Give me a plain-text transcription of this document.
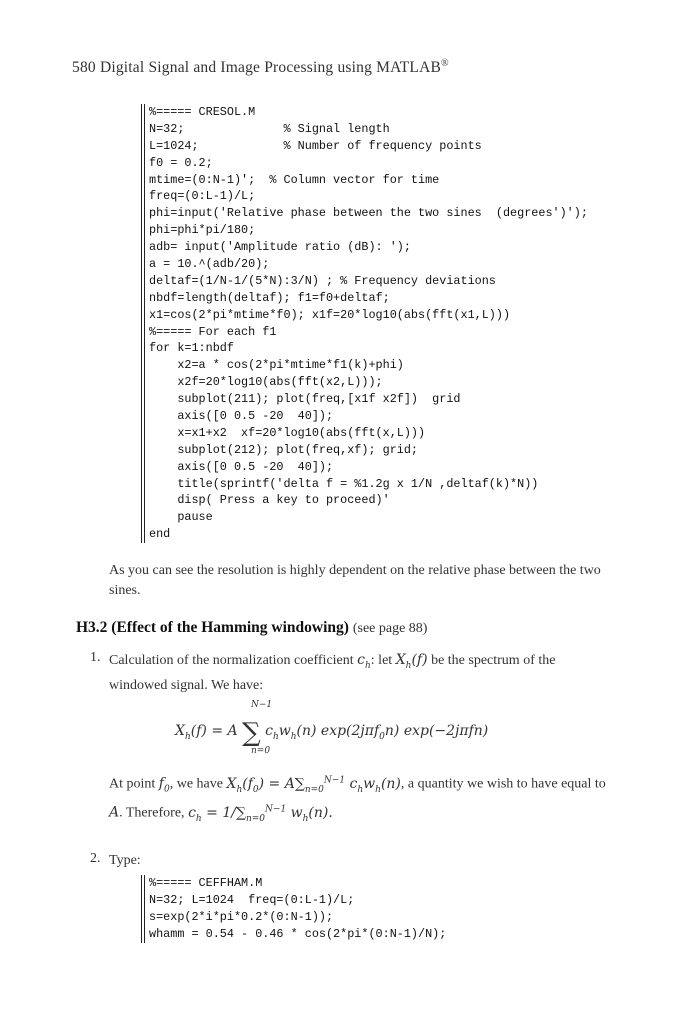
580 Digital Signal and Image Processing using MATLAB®
%===== CRESOL.M
N=32;              % Signal length
L=1024;            % Number of frequency points
f0 = 0.2;
mtime=(0:N-1)';  % Column vector for time
freq=(0:L-1)/L;
phi=input('Relative phase between the two sines  (degrees')');
phi=phi*pi/180;
adb= input('Amplitude ratio (dB): ');
a = 10.^(adb/20);
deltaf=(1/N-1/(5*N):3/N) ; % Frequency deviations
nbdf=length(deltaf); f1=f0+deltaf;
x1=cos(2*pi*mtime*f0); x1f=20*log10(abs(fft(x1,L)))
%===== For each f1
for k=1:nbdf
x2=a * cos(2*pi*mtime*f1(k)+phi)
x2f=20*log10(abs(fft(x2,L)));
subplot(211); plot(freq,[x1f x2f])  grid
axis([0 0.5 -20  40]);
x=x1+x2  xf=20*log10(abs(fft(x,L)))
subplot(212); plot(freq,xf); grid;
axis([0 0.5 -20  40]);
title(sprintf('delta f = %1.2g x 1/N ,deltaf(k)*N))
disp( Press a key to proceed)'
pause
end
As you can see the resolution is highly dependent on the relative phase between the two sines.
H3.2 (Effect of the Hamming windowing) (see page 88)
1. Calculation of the normalization coefficient $c_h$: let $X_h(f)$ be the spectrum of the windowed signal. We have:
N−1
$X_h(f) = A$ ∑ $c_hw_h(n)$ exp(2jπf$_0$n) exp(−2jπfn)
n=0
At point $f_0$, we have $X_h(f_0) = A\sum_{n=0}^{N-1}$ $c_hw_h(n)$, a quantity we wish to have equal to A. Therefore, $c_h = 1/\sum_{n=0}^{N-1}$ $w_h(n)$.
2. Type:
%===== CEFFHAM.M
N=32; L=1024  freq=(0:L-1)/L;
s=exp(2*i*pi*0.2*(0:N-1));
whamm = 0.54 - 0.46 * cos(2*pi*(0:N-1)/N);
